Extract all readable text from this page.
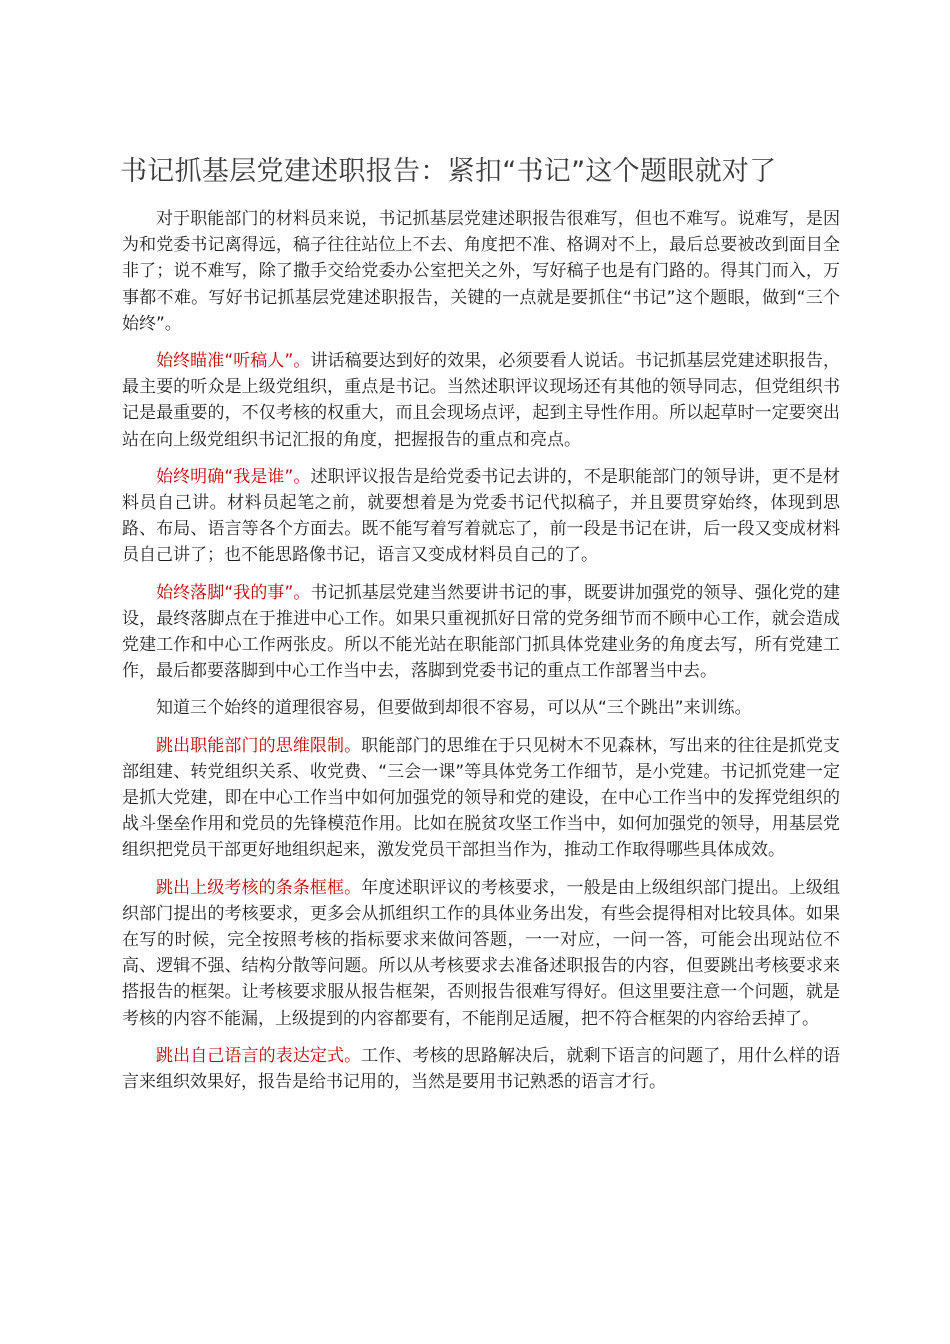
书记抓基层党建述职报告：紧扣“书记”这个题眼就对了

对于职能部门的材料员来说，书记抓基层党建述职报告很难写，但也不难写。说难写，是因为和党委书记离得远，稿子往往站位上不去、角度把不准、格调对不上，最后总要被改到面目全非了；说不难写，除了撒手交给党委办公室把关之外，写好稿子也是有门路的。得其门而入，万事都不难。写好书记抓基层党建述职报告，关键的一点就是要抓住“书记”这个题眼，做到“三个始终”。

始终瞄准“听稿人”。讲话稿要达到好的效果，必须要看人说话。书记抓基层党建述职报告，最主要的听众是上级党组织，重点是书记。当然述职评议现场还有其他的领导同志，但党组织书记是最重要的，不仅考核的权重大，而且会现场点评，起到主导性作用。所以起草时一定要突出站在向上级党组织书记汇报的角度，把握报告的重点和亮点。

始终明确“我是谁”。述职评议报告是给党委书记去讲的，不是职能部门的领导讲，更不是材料员自己讲。材料员起笔之前，就要想着是为党委书记代拟稿子，并且要贯穿始终，体现到思路、布局、语言等各个方面去。既不能写着写着就忘了，前一段是书记在讲，后一段又变成材料员自己讲了；也不能思路像书记，语言又变成材料员自己的了。

始终落脚“我的事”。书记抓基层党建当然要讲书记的事，既要讲加强党的领导、强化党的建设，最终落脚点在于推进中心工作。如果只重视抓好日常的党务细节而不顾中心工作，就会造成党建工作和中心工作两张皮。所以不能光站在职能部门抓具体党建业务的角度去写，所有党建工作，最后都要落脚到中心工作当中去，落脚到党委书记的重点工作部署当中去。

知道三个始终的道理很容易，但要做到却很不容易，可以从“三个跳出”来训练。

跳出职能部门的思维限制。职能部门的思维在于只见树木不见森林，写出来的往往是抓党支部组建、转党组织关系、收党费、“三会一课”等具体党务工作细节，是小党建。书记抓党建一定是抓大党建，即在中心工作当中如何加强党的领导和党的建设，在中心工作当中的发挥党组织的战斗堡垒作用和党员的先锋模范作用。比如在脱贫攻坚工作当中，如何加强党的领导，用基层党组织把党员干部更好地组织起来，激发党员干部担当作为，推动工作取得哪些具体成效。

跳出上级考核的条条框框。年度述职评议的考核要求，一般是由上级组织部门提出。上级组织部门提出的考核要求，更多会从抓组织工作的具体业务出发，有些会提得相对比较具体。如果在写的时候，完全按照考核的指标要求来做问答题，一一对应，一问一答，可能会出现站位不高、逻辑不强、结构分散等问题。所以从考核要求去准备述职报告的内容，但要跳出考核要求来搭报告的框架。让考核要求服从报告框架，否则报告很难写得好。但这里要注意一个问题，就是考核的内容不能漏，上级提到的内容都要有，不能削足适履，把不符合框架的内容给丢掉了。

跳出自己语言的表达定式。工作、考核的思路解决后，就剩下语言的问题了，用什么样的语言来组织效果好，报告是给书记用的，当然是要用书记熟悉的语言才行。
